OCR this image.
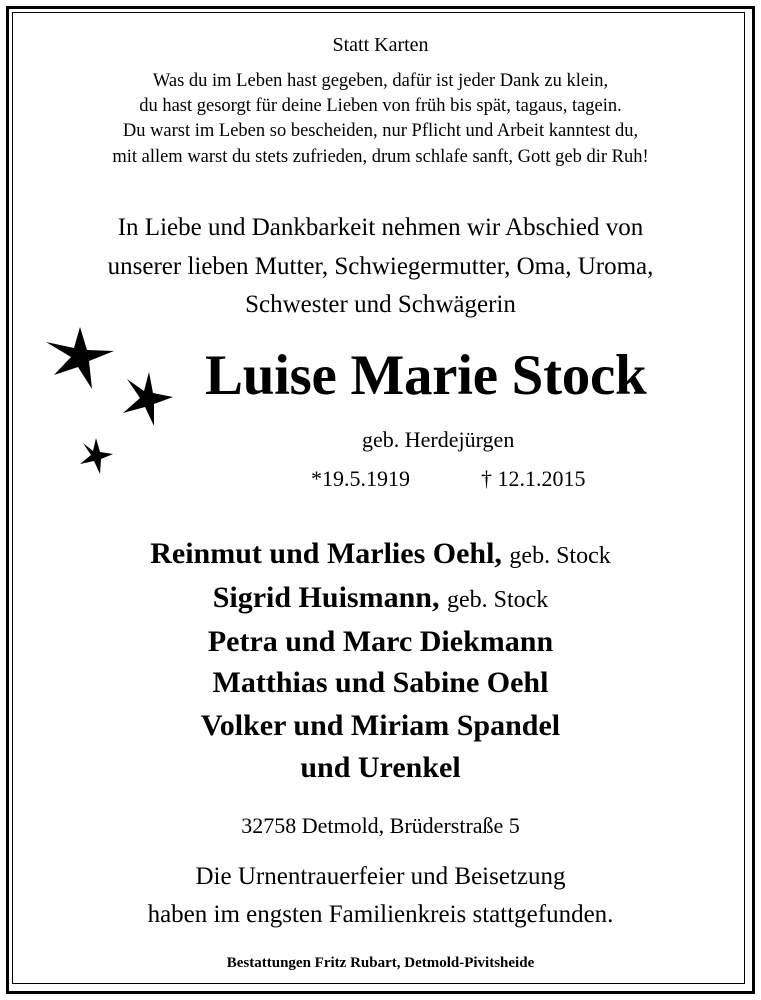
Statt Karten
Was du im Leben hast gegeben, dafür ist jeder Dank zu klein,
du hast gesorgt für deine Lieben von früh bis spät, tagaus, tagein.
Du warst im Leben so bescheiden, nur Pflicht und Arbeit kanntest du,
mit allem warst du stets zufrieden, drum schlafe sanft, Gott geb dir Ruh!
In Liebe und Dankbarkeit nehmen wir Abschied von
unserer lieben Mutter, Schwiegermutter, Oma, Uroma,
Schwester und Schwägerin
Luise Marie Stock
geb. Herdejürgen
*19.5.1919	† 12.1.2015
Reinmut und Marlies Oehl, geb. Stock
Sigrid Huismann, geb. Stock
Petra und Marc Diekmann
Matthias und Sabine Oehl
Volker und Miriam Spandel
und Urenkel
32758 Detmold, Brüderstraße 5
Die Urnentrauerfeier und Beisetzung
haben im engsten Familienkreis stattgefunden.
Bestattungen Fritz Rubart, Detmold-Pivitsheide
